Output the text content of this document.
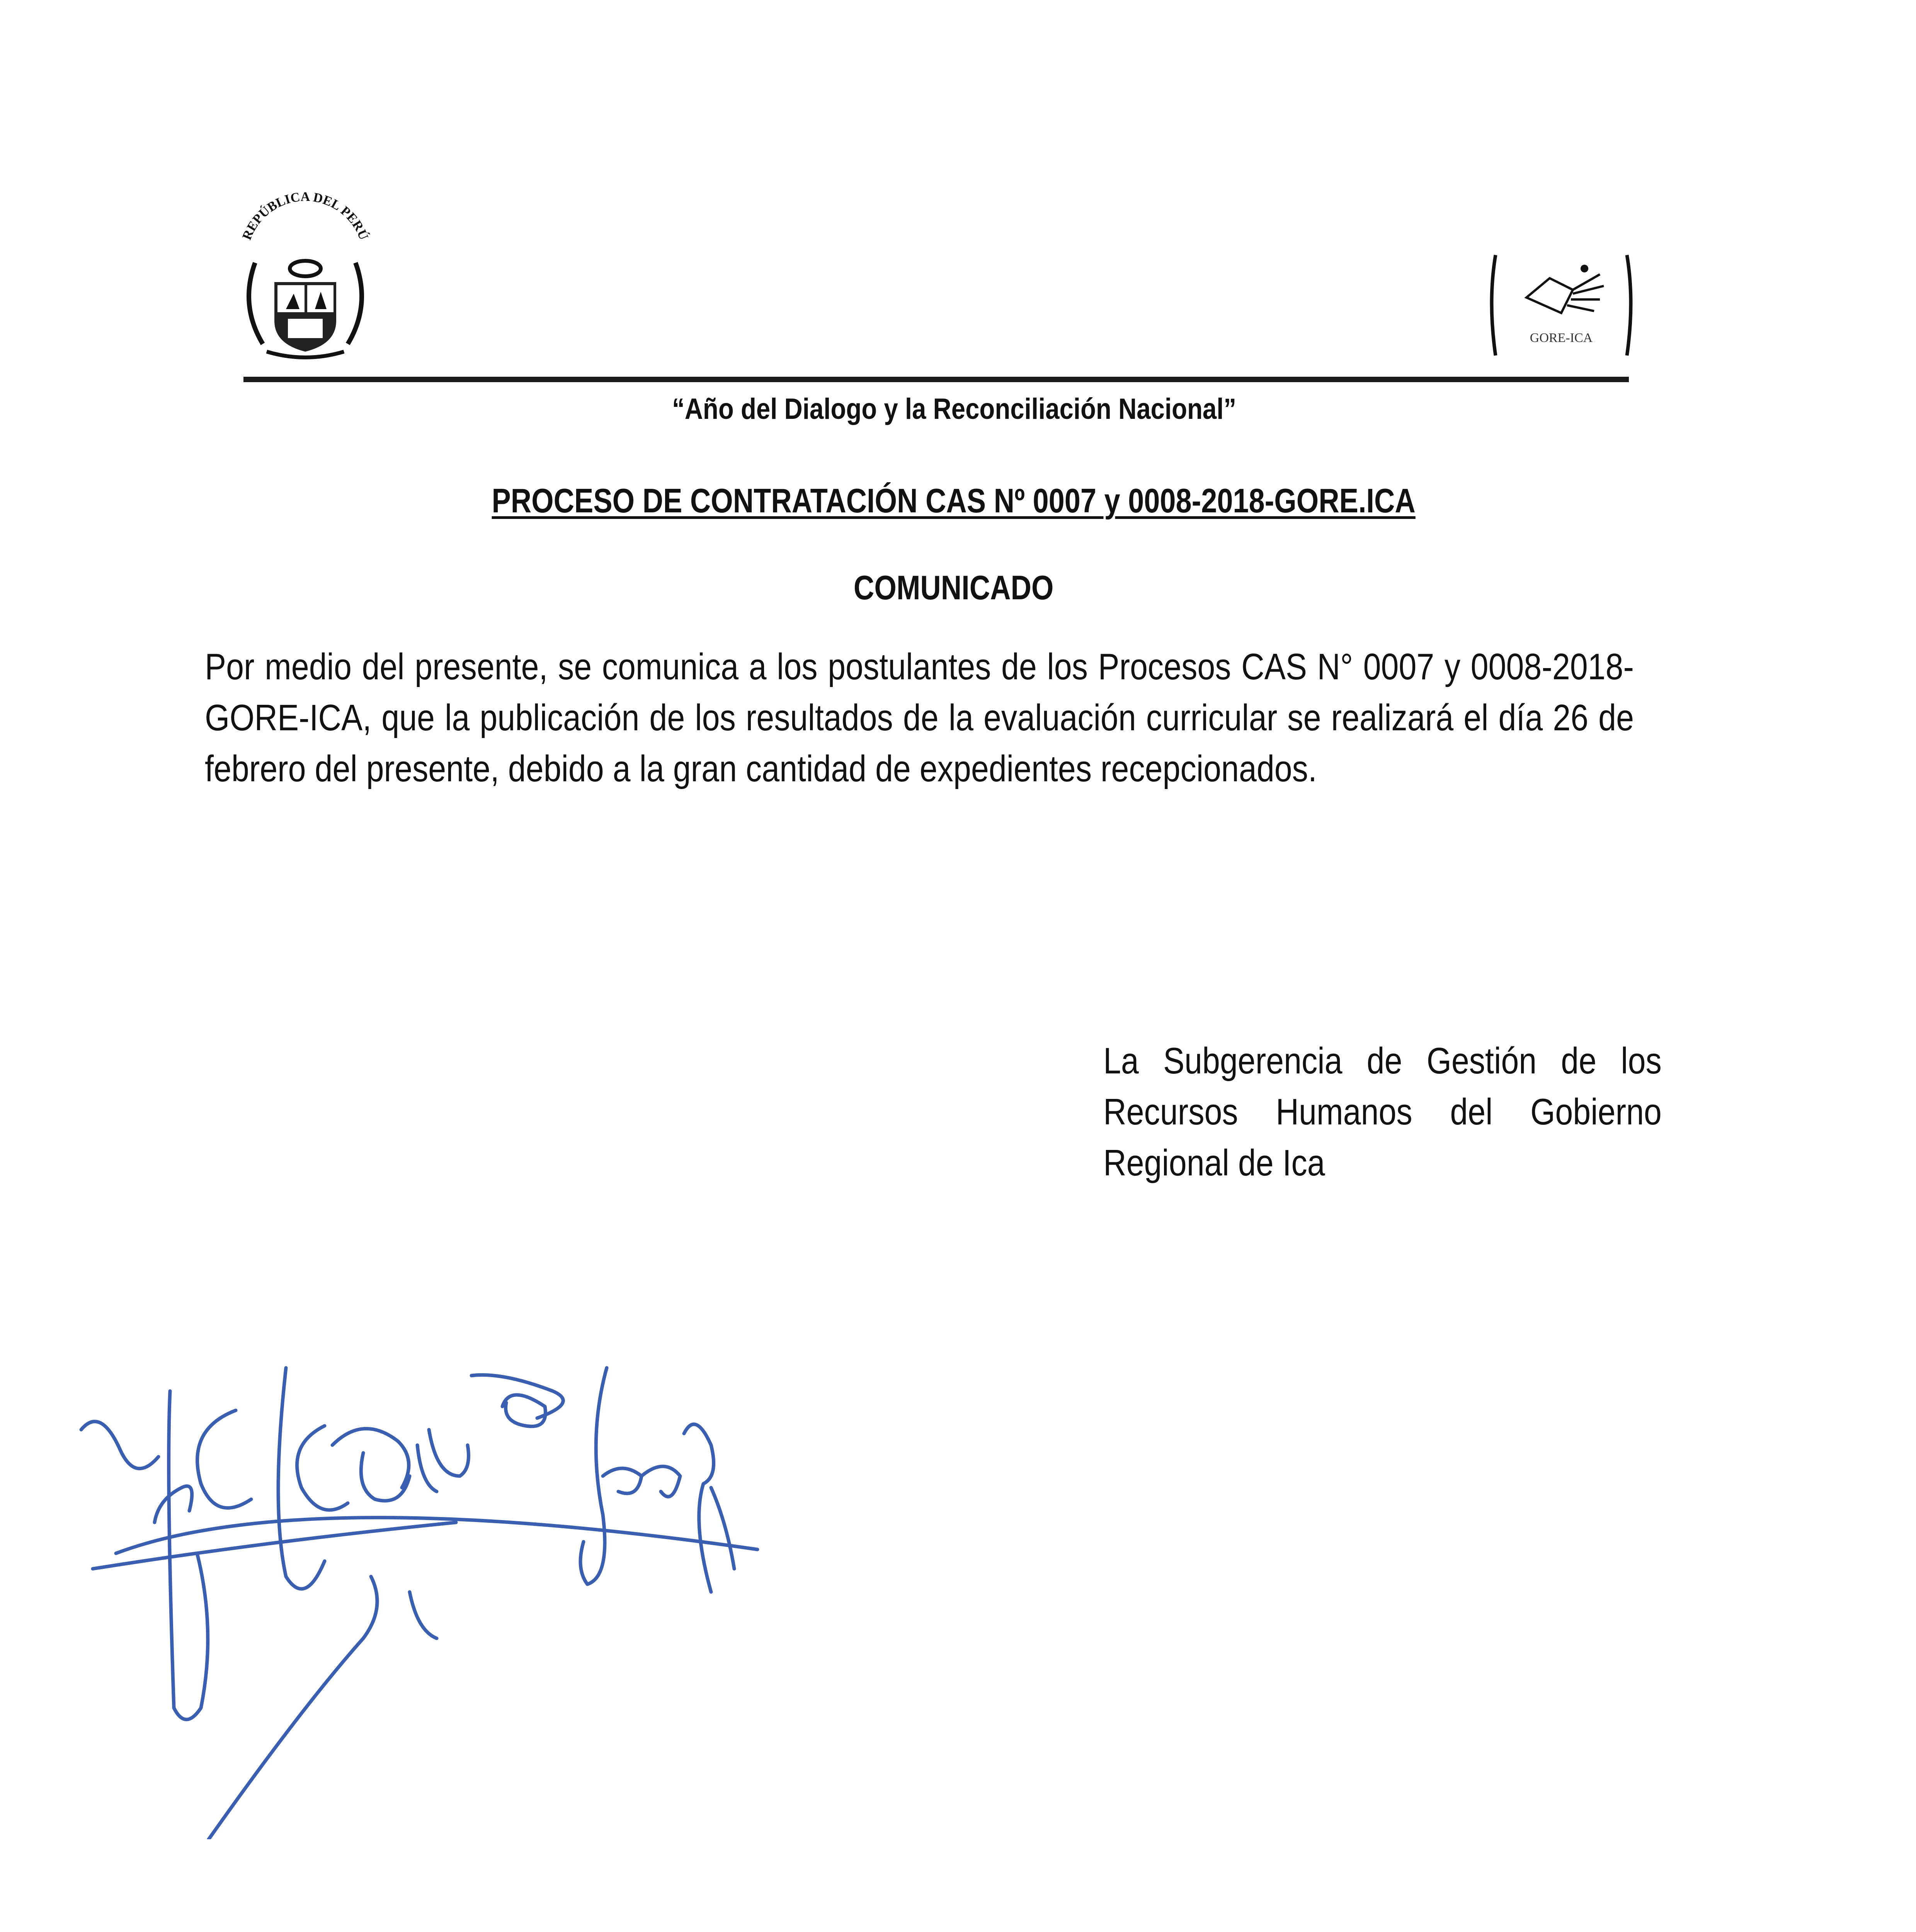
REPÚBLICA DEL PERÚ
GORE-ICA
“Año del Dialogo y la Reconciliación Nacional”
PROCESO DE CONTRATACIÓN CAS Nº 0007 y 0008-2018-GORE.ICA
COMUNICADO
Por medio del presente, se comunica a los postulantes de los Procesos CAS N° 0007 y 0008-2018-GORE-ICA, que la publicación de los resultados de la evaluación curricular se realizará el día 26 de febrero del presente, debido a la gran cantidad de expedientes recepcionados.
La Subgerencia de Gestión de los
Recursos Humanos del Gobierno
Regional de Ica
